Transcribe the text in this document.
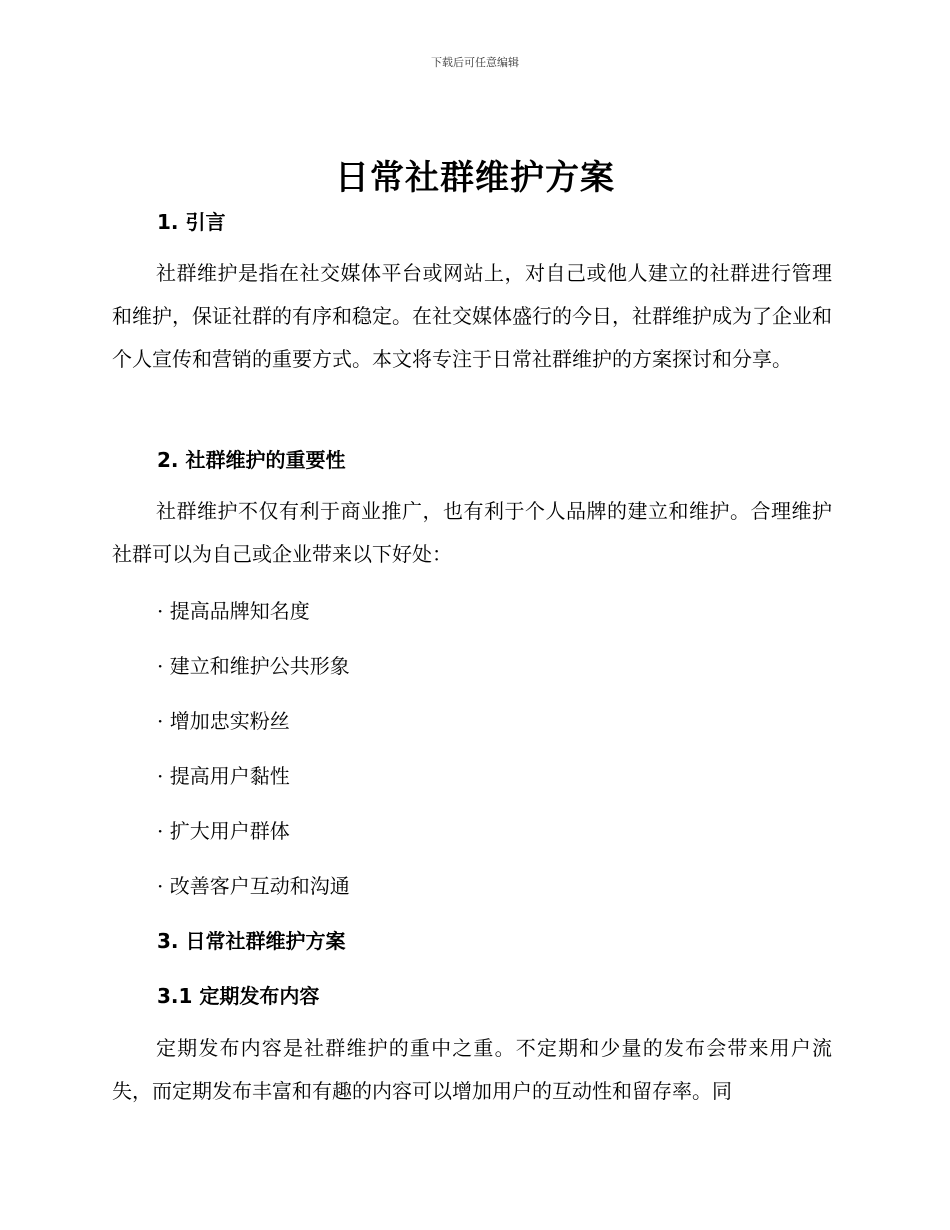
下载后可任意编辑
日常社群维护方案
1. 引言
社群维护是指在社交媒体平台或网站上，对自己或他人建立的社群进行管理和维护，保证社群的有序和稳定。在社交媒体盛行的今日，社群维护成为了企业和个人宣传和营销的重要方式。本文将专注于日常社群维护的方案探讨和分享。
2. 社群维护的重要性
社群维护不仅有利于商业推广，也有利于个人品牌的建立和维护。合理维护社群可以为自己或企业带来以下好处：
· 提高品牌知名度
· 建立和维护公共形象
· 增加忠实粉丝
· 提高用户黏性
· 扩大用户群体
· 改善客户互动和沟通
3. 日常社群维护方案
3.1 定期发布内容
定期发布内容是社群维护的重中之重。不定期和少量的发布会带来用户流失，而定期发布丰富和有趣的内容可以增加用户的互动性和留存率。同
